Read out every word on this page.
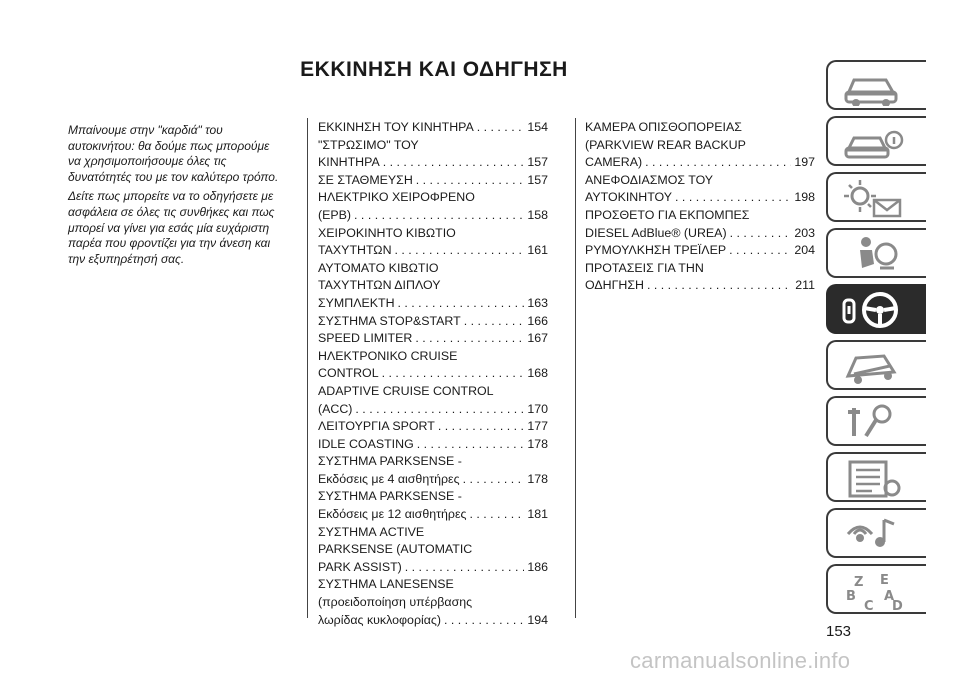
ΕΚΚΙΝΗΣΗ ΚΑΙ ΟΔΗΓΗΣΗ

Μπαίνουμε στην "καρδιά" του
αυτοκινήτου: θα δούμε πως μπορούμε
να χρησιμοποιήσουμε όλες τις
δυνατότητές του με τον καλύτερο τρόπο.

Δείτε πως μπορείτε να το οδηγήσετε με
ασφάλεια σε όλες τις συνθήκες και πως
μπορεί να γίνει για εσάς μία ευχάριστη
παρέα που φροντίζει για την άνεση και
την εξυπηρέτησή σας.

ΕΚΚΙΝΗΣΗ ΤΟΥ ΚΙΝΗΤΗΡΑ . . .	154
"ΣΤΡΩΣΙΜΟ" ΤΟΥ
ΚΙΝΗΤΗΡΑ . . .	157
ΣΕ ΣΤΑΘΜΕΥΣΗ . . .	157
ΗΛΕΚΤΡΙΚΟ ΧΕΙΡΟΦΡΕΝΟ
(EPB) . . .	158
ΧΕΙΡΟΚΙΝΗΤΟ ΚΙΒΩΤΙΟ
ΤΑΧΥΤΗΤΩΝ . . .	161
ΑΥΤΟΜΑΤΟ ΚΙΒΩΤΙΟ
ΤΑΧΥΤΗΤΩΝ ΔΙΠΛΟΥ
ΣΥΜΠΛΕΚΤΗ . . .	163
ΣΥΣΤΗΜΑ STOP&START . . .	166
SPEED LIMITER . . .	167
ΗΛΕΚΤΡΟΝΙΚΟ CRUISE
CONTROL . . .	168
ADAPTIVE CRUISE CONTROL
(ACC) . . .	170
ΛΕΙΤΟΥΡΓΙΑ SPORT . . .	177
IDLE COASTING . . .	178
ΣΥΣΤΗΜΑ PARKSENSE -
Εκδόσεις με 4 αισθητήρες . . .	178
ΣΥΣΤΗΜΑ PARKSENSE -
Εκδόσεις με 12 αισθητήρες . . .	181
ΣΥΣΤΗΜΑ ACTIVE
PARKSENSE (AUTOMATIC
PARK ASSIST) . . .	186
ΣΥΣΤΗΜΑ LANESENSE
(προειδοποίηση υπέρβασης
λωρίδας κυκλοφορίας) . . .	194
ΚΑΜΕΡΑ ΟΠΙΣΘΟΠΟΡΕΙΑΣ
(PARKVIEW REAR BACKUP
CAMERA) . . .	197
ΑΝΕΦΟΔΙΑΣΜΟΣ ΤΟΥ
ΑΥΤΟΚΙΝΗΤΟΥ . . .	198
ΠΡΟΣΘΕΤΟ ΓΙΑ ΕΚΠΟΜΠΕΣ
DIESEL AdBlue® (UREA) . . .	203
ΡΥΜΟΥΛΚΗΣΗ ΤΡΕΪΛΕΡ . . .	204
ΠΡΟΤΑΣΕΙΣ ΓΙΑ ΤΗΝ
ΟΔΗΓΗΣΗ . . .	211
Z E
B A
C D
153
carmanualsonline.info
